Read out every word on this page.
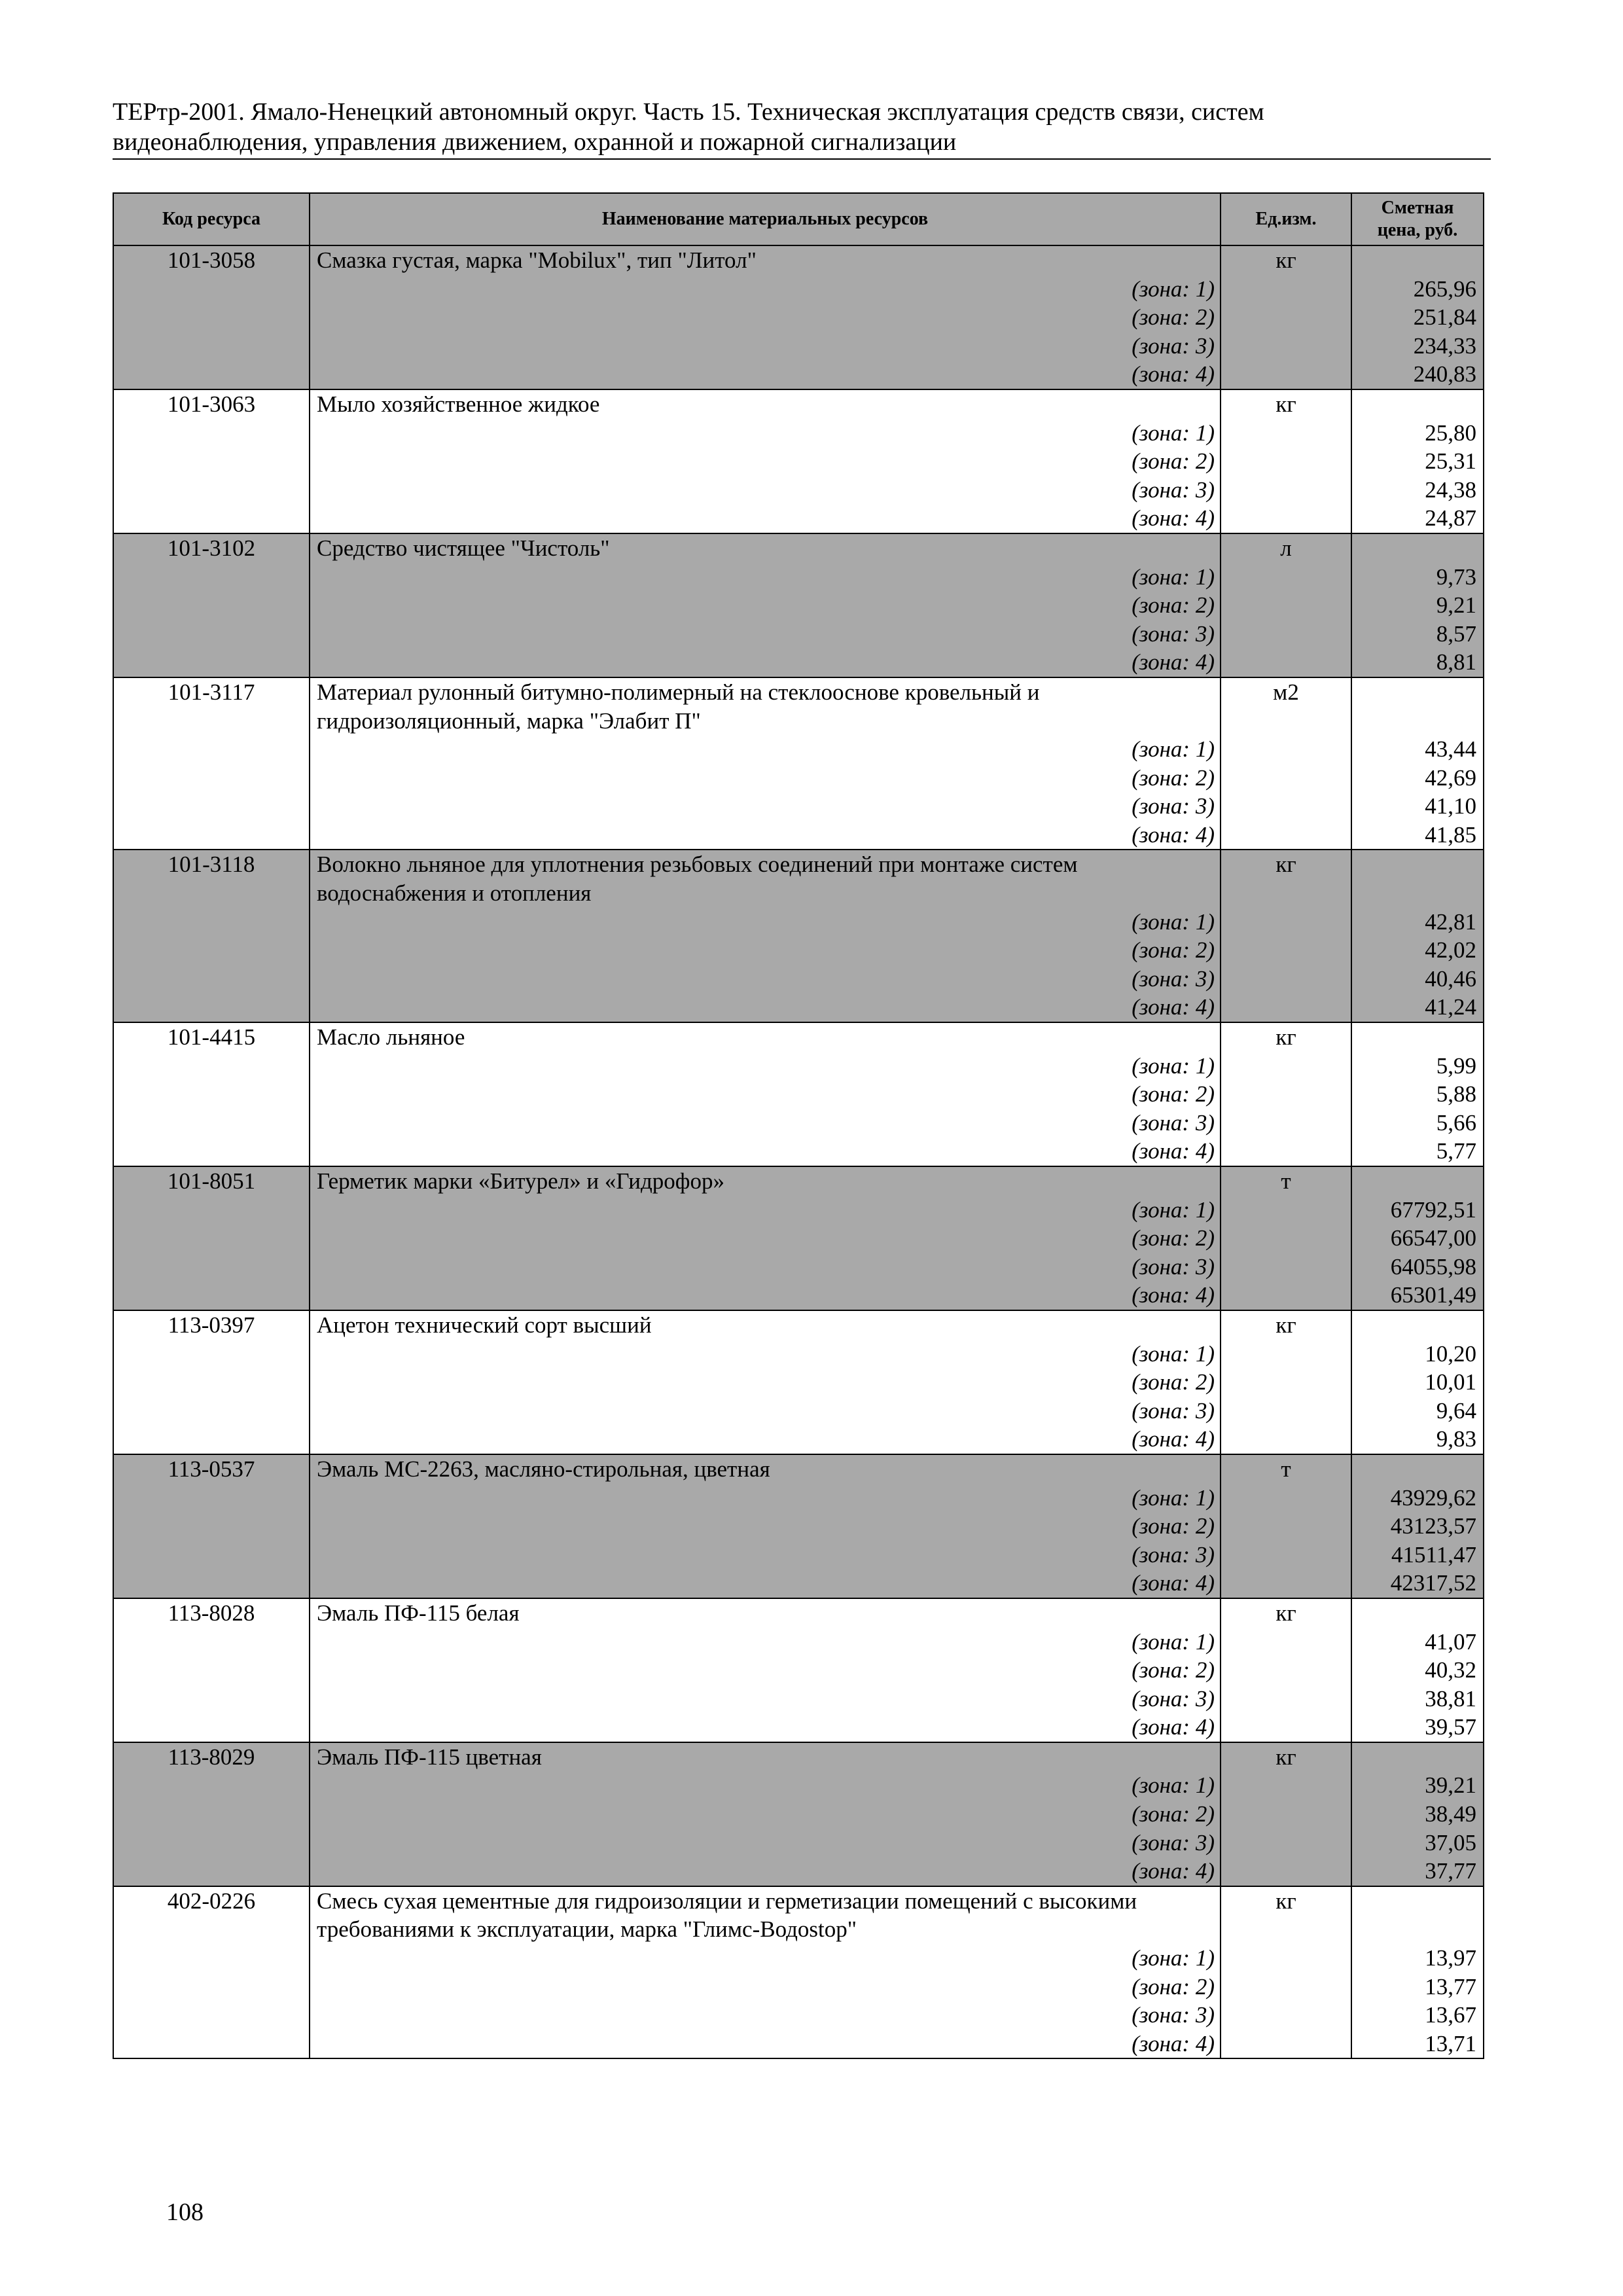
ТЕРтр-2001. Ямало-Ненецкий автономный округ. Часть 15. Техническая эксплуатация средств связи, систем
видеонаблюдения, управления движением, охранной и пожарной сигнализации
Код ресурса	Наименование материальных ресурсов	Ед.изм.	Сметная
цена, руб.

101-3058	Смазка густая, марка "Mobilux", тип "Литол"	кг	
	(зона: 1)		265,96
	(зона: 2)		251,84
	(зона: 3)		234,33
	(зона: 4)		240,83
101-3063	Мыло хозяйственное жидкое	кг	
	(зона: 1)		25,80
	(зона: 2)		25,31
	(зона: 3)		24,38
	(зона: 4)		24,87
101-3102	Средство чистящее "Чистоль"	л	
	(зона: 1)		9,73
	(зона: 2)		9,21
	(зона: 3)		8,57
	(зона: 4)		8,81
101-3117	Материал рулонный битумно-полимерный на стеклооснове кровельный и	м2	
	гидроизоляционный, марка "Элабит П"		
	(зона: 1)		43,44
	(зона: 2)		42,69
	(зона: 3)		41,10
	(зона: 4)		41,85
101-3118	Волокно льняное для уплотнения резьбовых соединений при монтаже систем	кг	
	водоснабжения и отопления		
	(зона: 1)		42,81
	(зона: 2)		42,02
	(зона: 3)		40,46
	(зона: 4)		41,24
101-4415	Масло льняное	кг	
	(зона: 1)		5,99
	(зона: 2)		5,88
	(зона: 3)		5,66
	(зона: 4)		5,77
101-8051	Герметик марки «Битурел» и «Гидрофор»	т	
	(зона: 1)		67792,51
	(зона: 2)		66547,00
	(зона: 3)		64055,98
	(зона: 4)		65301,49
113-0397	Ацетон технический сорт высший	кг	
	(зона: 1)		10,20
	(зона: 2)		10,01
	(зона: 3)		9,64
	(зона: 4)		9,83
113-0537	Эмаль МС-2263, масляно-стирольная, цветная	т	
	(зона: 1)		43929,62
	(зона: 2)		43123,57
	(зона: 3)		41511,47
	(зона: 4)		42317,52
113-8028	Эмаль ПФ-115 белая	кг	
	(зона: 1)		41,07
	(зона: 2)		40,32
	(зона: 3)		38,81
	(зона: 4)		39,57
113-8029	Эмаль ПФ-115 цветная	кг	
	(зона: 1)		39,21
	(зона: 2)		38,49
	(зона: 3)		37,05
	(зона: 4)		37,77
402-0226	Смесь сухая цементные для гидроизоляции и герметизации помещений с высокими	кг	
	требованиями к эксплуатации, марка "Глимс-Водоstop"		
	(зона: 1)		13,97
	(зона: 2)		13,77
	(зона: 3)		13,67
	(зона: 4)		13,71
108
